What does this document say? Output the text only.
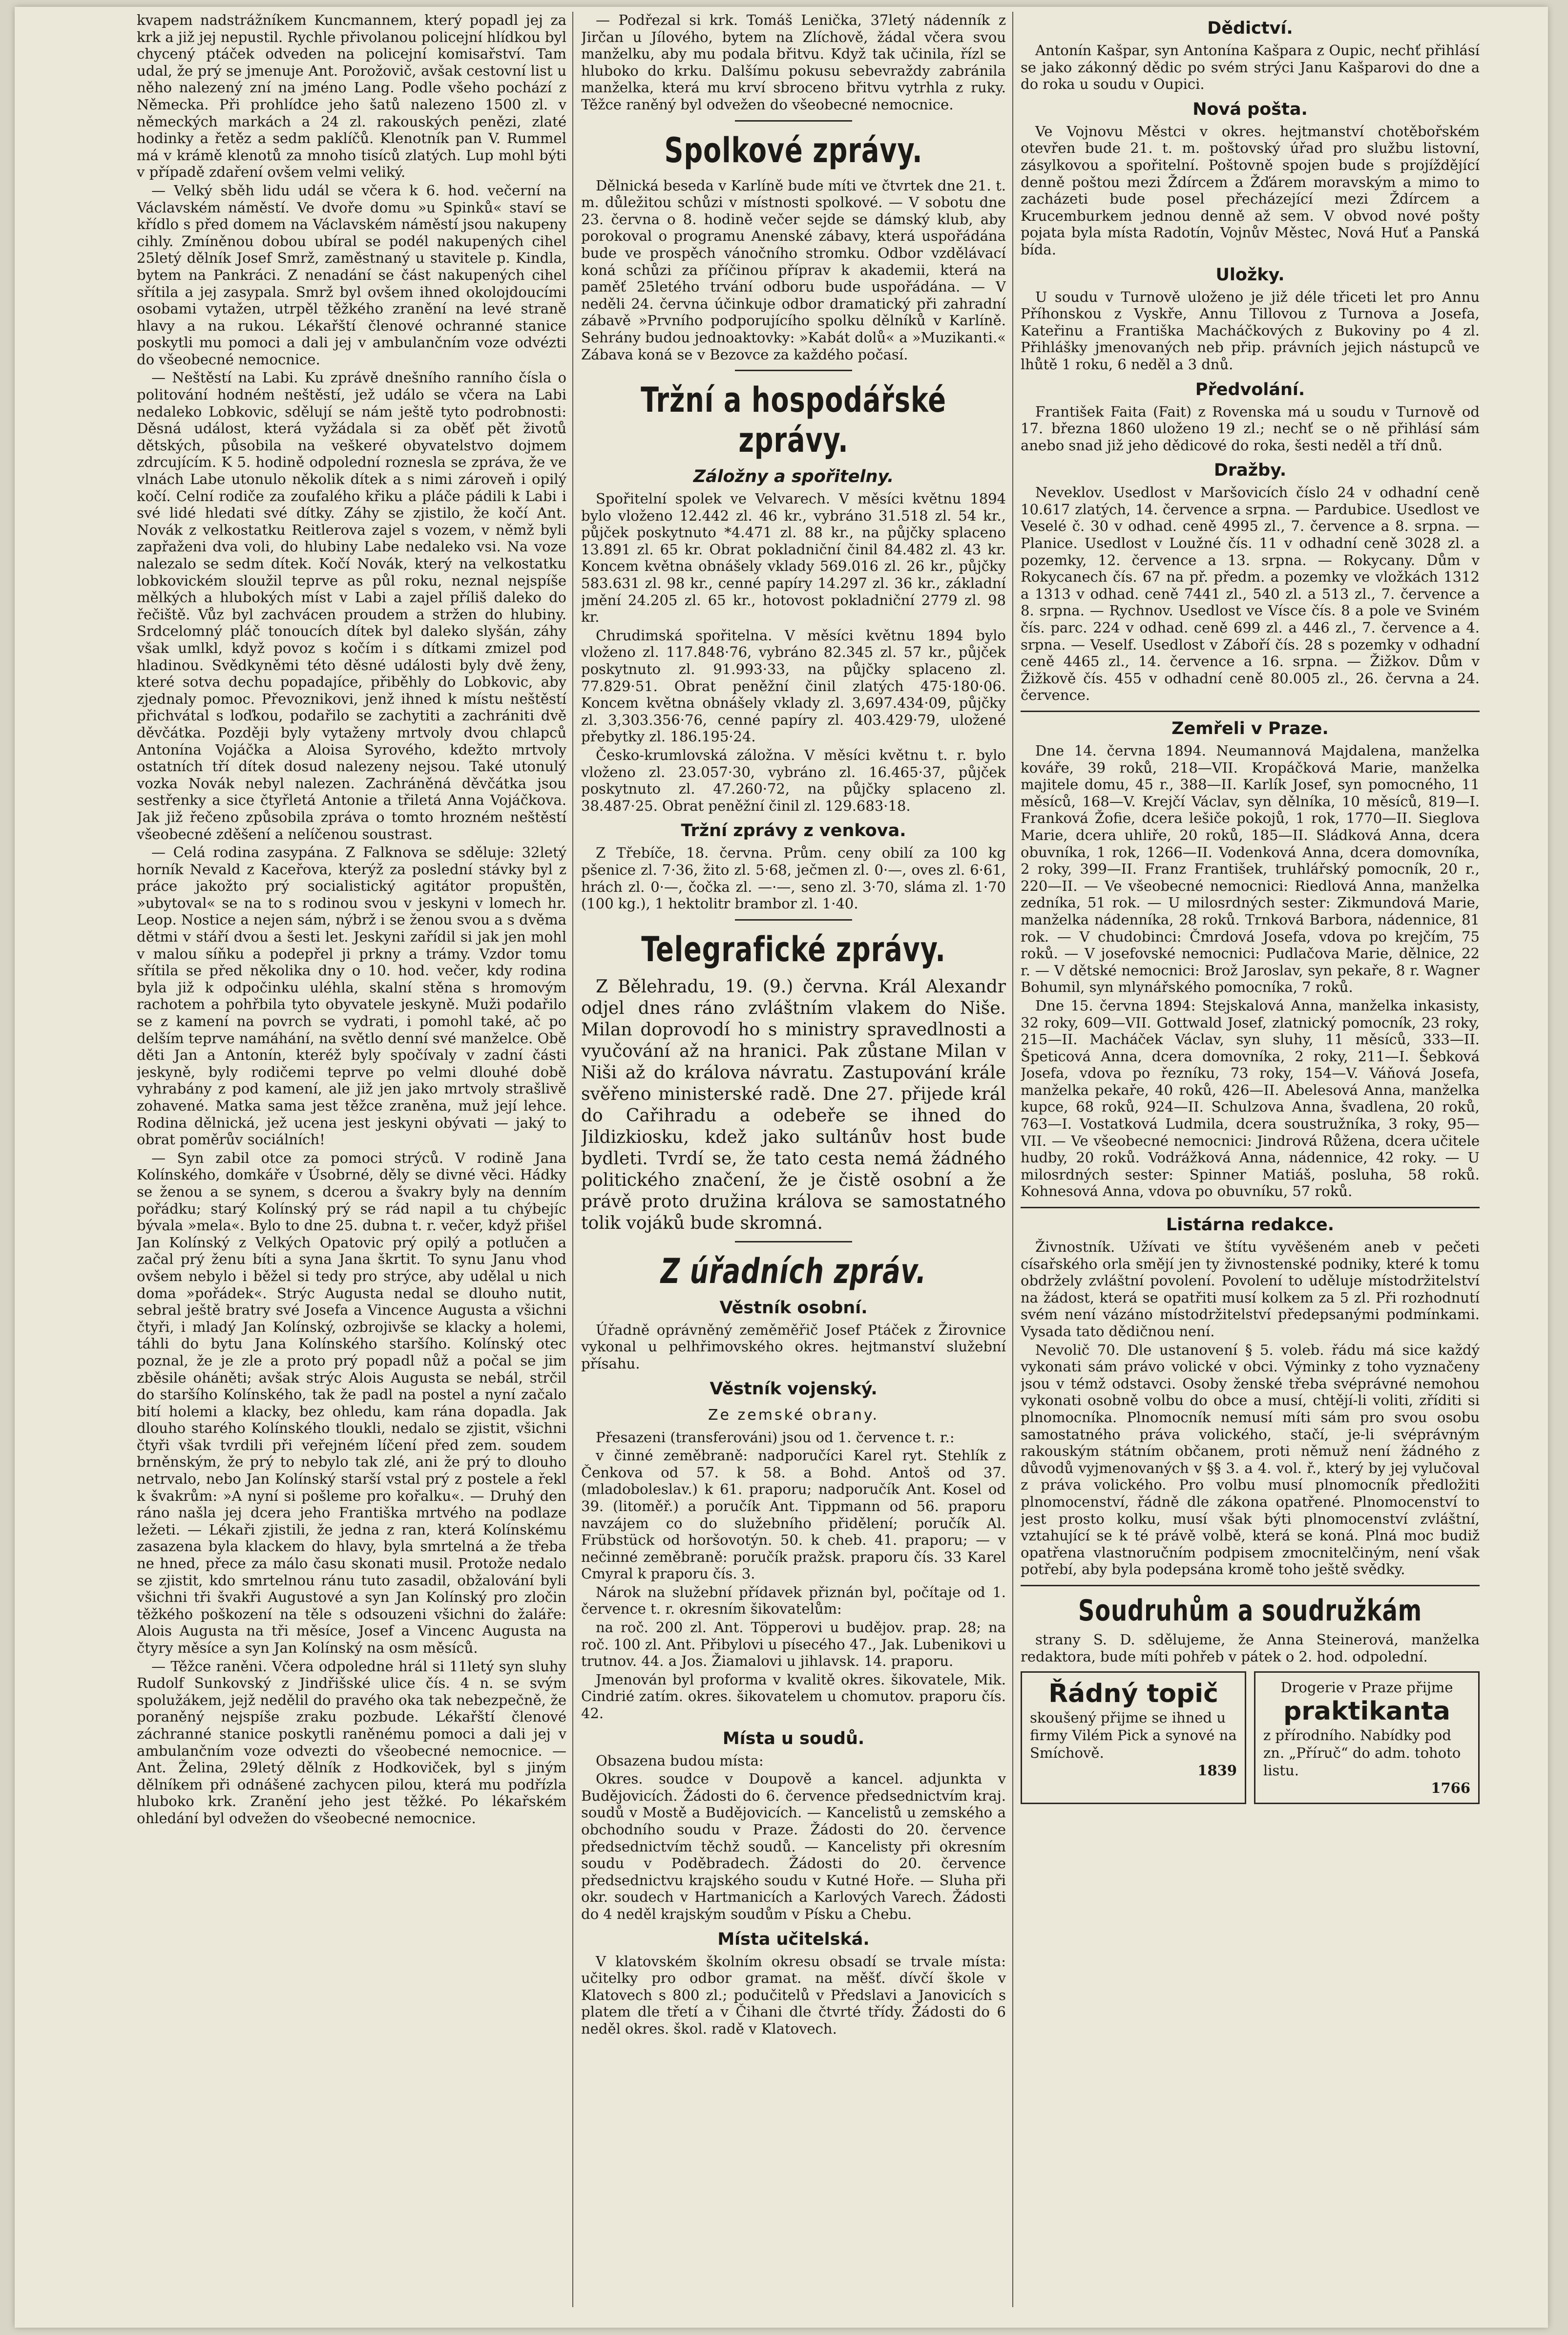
kvapem nadstrážníkem Kuncmannem, který popadl jej za krk a již jej nepustil. Rychle přivolanou policejní hlídkou byl chycený ptáček odveden na policejní komisařství. Tam udal, že prý se jmenuje Ant. Porožovič, avšak cestovní list u něho nalezený zní na jméno Lang. Podle všeho pochází z Německa. Při prohlídce jeho šatů nalezeno 1500 zl. v německých markách a 24 zl. rakouských penězi, zlaté hodinky a řetěz a sedm paklíčů. Klenotník pan V. Rummel má v krámě klenotů za mnoho tisíců zlatých. Lup mohl býti v případě zdaření ovšem velmi veliký.

— Velký sběh lidu udál se včera k 6. hod. večerní na Václavském náměstí. Ve dvoře domu »u Spinků« staví se křídlo s před domem na Václavském náměstí jsou nakupeny cihly. Zmíněnou dobou ubíral se podél nakupených cihel 25letý dělník Josef Smrž, zaměstnaný u stavitele p. Kindla, bytem na Pankráci. Z nenadání se část nakupených cihel sřítila a jej zasypala. Smrž byl ovšem ihned okolojdoucími osobami vytažen, utrpěl těžkého zranění na levé straně hlavy a na rukou. Lékařští členové ochranné stanice poskytli mu pomoci a dali jej v ambulančním voze odvézti do všeobecné nemocnice.

— Neštěstí na Labi. Ku zprávě dnešního ranního čísla o politování hodném neštěstí, jež událo se včera na Labi nedaleko Lobkovic, sdělují se nám ještě tyto podrobnosti: Děsná událost, která vyžádala si za oběť pět životů dětských, působila na veškeré obyvatelstvo dojmem zdrcujícím. K 5. hodině odpolední roznesla se zpráva, že ve vlnách Labe utonulo několik dítek a s nimi zároveň i opilý kočí. Celní rodiče za zoufalého křiku a pláče pádili k Labi i své lidé hledati své dítky. Záhy se zjistilo, že kočí Ant. Novák z velkostatku Reitlerova zajel s vozem, v němž byli zapřaženi dva voli, do hlubiny Labe nedaleko vsi. Na voze nalezalo se sedm dítek. Kočí Novák, který na velkostatku lobkovickém sloužil teprve as půl roku, neznal nejspíše mělkých a hlubokých míst v Labi a zajel příliš daleko do řečiště. Vůz byl zachvácen proudem a stržen do hlubiny. Srdcelomný pláč tonoucích dítek byl daleko slyšán, záhy však umlkl, když povoz s kočím i s dítkami zmizel pod hladinou. Svědkyněmi této děsné události byly dvě ženy, které sotva dechu popadajíce, přiběhly do Lobkovic, aby zjednaly pomoc. Převoznikovi, jenž ihned k místu neštěstí přichvátal s loďkou, podařilo se zachytiti a zachrániti dvě děvčátka. Později byly vytaženy mrtvoly dvou chlapců Antonína Vojáčka a Aloisa Syrového, kdežto mrtvoly ostatních tří dítek dosud nalezeny nejsou. Také utonulý vozka Novák nebyl nalezen. Zachráněná děvčátka jsou sestřenky a sice čtyřletá Antonie a třiletá Anna Vojáčkova. Jak již řečeno způsobila zpráva o tomto hrozném neštěstí všeobecné zděšení a nelíčenou soustrast.

— Celá rodina zasypána. Z Falknova se sděluje: 32letý horník Nevald z Kaceřova, kterýž za poslední stávky byl z práce jakožto prý socialistický agitátor propuštěn, »ubytoval« se na to s rodinou svou v jeskyni v lomech hr. Leop. Nostice a nejen sám, nýbrž i se ženou svou a s dvěma dětmi v stáří dvou a šesti let. Jeskyni zařídil si jak jen mohl v malou síňku a podepřel ji prkny a trámy. Vzdor tomu sřítila se před několika dny o 10. hod. večer, kdy rodina byla již k odpočinku uléhla, skalní stěna s hromovým rachotem a pohřbila tyto obyvatele jeskyně. Muži podařilo se z kamení na povrch se vydrati, i pomohl také, ač po delším teprve namáhání, na světlo denní své manželce. Obě děti Jan a Antonín, kteréž byly spočívaly v zadní části jeskyně, byly rodičemi teprve po velmi dlouhé době vyhrabány z pod kamení, ale již jen jako mrtvoly strašlivě zohavené. Matka sama jest těžce zraněna, muž její lehce. Rodina dělnická, jež ucena jest jeskyni obývati — jaký to obrat poměrův sociálních!

— Syn zabil otce za pomoci strýců. V rodině Jana Kolínského, domkáře v Úsobrné, děly se divné věci. Hádky se ženou a se synem, s dcerou a švakry byly na denním pořádku; starý Kolínský prý se rád napil a tu chýbejíc bývala »mela«. Bylo to dne 25. dubna t. r. večer, když přišel Jan Kolínský z Velkých Opatovic prý opilý a potlučen a začal prý ženu bíti a syna Jana škrtit. To synu Janu vhod ovšem nebylo i běžel si tedy pro strýce, aby udělal u nich doma »pořádek«. Strýc Augusta nedal se dlouho nutit, sebral ještě bratry své Josefa a Vincence Augusta a všichni čtyři, i mladý Jan Kolínský, ozbrojivše se klacky a holemi, táhli do bytu Jana Kolínského staršího. Kolínský otec poznal, že je zle a proto prý popadl nůž a počal se jim zběsile oháněti; avšak strýc Alois Augusta se nebál, strčil do staršího Kolínského, tak že padl na postel a nyní začalo bití holemi a klacky, bez ohledu, kam rána dopadla. Jak dlouho starého Kolínského tloukli, nedalo se zjistit, všichni čtyři však tvrdili při veřejném líčení před zem. soudem brněnským, že prý to nebylo tak zlé, ani že prý to dlouho netrvalo, nebo Jan Kolínský starší vstal prý z postele a řekl k švakrům: »A nyní si pošleme pro kořalku«. — Druhý den ráno našla jej dcera jeho Františka mrtvého na podlaze ležeti. — Lékaři zjistili, že jedna z ran, která Kolínskému zasazena byla klackem do hlavy, byla smrtelná a že třeba ne hned, přece za málo času skonati musil. Protože nedalo se zjistit, kdo smrtelnou ránu tuto zasadil, obžalování byli všichni tři švakři Augustové a syn Jan Kolínský pro zločin těžkého poškození na těle s odsouzeni všichni do žaláře: Alois Augusta na tři měsíce, Josef a Vincenc Augusta na čtyry měsíce a syn Jan Kolínský na osm měsíců.

— Těžce raněni. Včera odpoledne hrál si 11letý syn sluhy Rudolf Sunkovský z Jindřišské ulice čís. 4 n. se svým spolužákem, jejž nedělil do pravého oka tak nebezpečně, že poraněný nejspíše zraku pozbude. Lékařští členové záchranné stanice poskytli raněnému pomoci a dali jej v ambulančním voze odvezti do všeobecné nemocnice. — Ant. Želina, 29letý dělník z Hodkoviček, byl s jiným dělníkem při odnášené zachycen pilou, která mu podřízla hluboko krk. Zranění jeho jest těžké. Po lékařském ohledání byl odvežen do všeobecné nemocnice.

— Podřezal si krk. Tomáš Lenička, 37letý nádenník z Jirčan u Jílového, bytem na Zlíchově, žádal včera svou manželku, aby mu podala břitvu. Když tak učinila, řízl se hluboko do krku. Dalšímu pokusu sebevraždy zabránila manželka, která mu krví sbroceno břitvu vytrhla z ruky. Těžce raněný byl odvežen do všeobecné nemocnice.

Spolkové zprávy.

Dělnická beseda v Karlíně bude míti ve čtvrtek dne 21. t. m. důležitou schůzi v místnosti spolkové. — V sobotu dne 23. června o 8. hodině večer sejde se dámský klub, aby porokoval o programu Anenské zábavy, která uspořádána bude ve prospěch vánočního stromku. Odbor vzdělávací koná schůzi za příčinou příprav k akademii, která na paměť 25letého trvání odboru bude uspořádána. — V neděli 24. června účinkuje odbor dramatický při zahradní zábavě »Prvního podporujícího spolku dělníků v Karlíně. Sehrány budou jednoaktovky: »Kabát dolů« a »Muzikanti.« Zábava koná se v Bezovce za každého počasí.

Tržní a hospodářské zprávy.
Záložny a spořitelny.

Spořitelní spolek ve Velvarech. V měsíci květnu 1894 bylo vloženo 12.442 zl. 46 kr., vybráno 31.518 zl. 54 kr., půjček poskytnuto *4.471 zl. 88 kr., na půjčky splaceno 13.891 zl. 65 kr. Obrat pokladniční činil 84.482 zl. 43 kr. Koncem května obnášely vklady 569.016 zl. 26 kr., půjčky 583.631 zl. 98 kr., cenné papíry 14.297 zl. 36 kr., základní jmění 24.205 zl. 65 kr., hotovost pokladniční 2779 zl. 98 kr.

Chrudimská spořitelna. V měsíci květnu 1894 bylo vloženo zl. 117.848·76, vybráno 82.345 zl. 57 kr., půjček poskytnuto zl. 91.993·33, na půjčky splaceno zl. 77.829·51. Obrat peněžní činil zlatých 475·180·06. Koncem května obnášely vklady zl. 3,697.434·09, půjčky zl. 3,303.356·76, cenné papíry zl. 403.429·79, uložené přebytky zl. 186.195·24.

Česko-krumlovská záložna. V měsíci květnu t. r. bylo vloženo zl. 23.057·30, vybráno zl. 16.465·37, půjček poskytnuto zl. 47.260·72, na půjčky splaceno zl. 38.487·25. Obrat peněžní činil zl. 129.683·18.

Tržní zprávy z venkova.

Z Třebíče, 18. června. Prům. ceny obilí za 100 kg pšenice zl. 7·36, žito zl. 5·68, ječmen zl. 0·—, oves zl. 6·61, hrách zl. 0·—, čočka zl. —·—, seno zl. 3·70, sláma zl. 1·70 (100 kg.), 1 hektolitr brambor zl. 1·40.

Telegrafické zprávy.

Z Bělehradu, 19. (9.) června. Král Alexandr odjel dnes ráno zvláštním vlakem do Niše. Milan doprovodí ho s ministry spravedlnosti a vyučování až na hranici. Pak zůstane Milan v Niši až do králova návratu. Zastupování krále svěřeno ministerské radě. Dne 27. přijede král do Cařihradu a odebeře se ihned do Jildizkiosku, kdež jako sultánův host bude bydleti. Tvrdí se, že tato cesta nemá žádného politického značení, že je čistě osobní a že právě proto družina králova se samostatného tolik vojáků bude skromná.

Z úřadních zpráv.
Věstník osobní.

Úřadně oprávněný zeměměřič Josef Ptáček z Žirovnice vykonal u pelhřimovského okres. hejtmanství služební přísahu.

Věstník vojenský.
Ze zemské obrany.

Přesazeni (transferováni) jsou od 1. července t. r.:

v činné zeměbraně: nadporučíci Karel ryt. Stehlík z Čenkova od 57. k 58. a Bohd. Antoš od 37. (mladoboleslav.) k 61. praporu; nadporučík Ant. Kosel od 39. (litoměř.) a poručík Ant. Tippmann od 56. praporu navzájem co do služebního přidělení; poručík Al. Frübstück od horšovotýn. 50. k cheb. 41. praporu; — v nečinné zeměbraně: poručík pražsk. praporu čís. 33 Karel Cmyral k praporu čís. 3.

Nárok na služební přídavek přiznán byl, počítaje od 1. července t. r. okresním šikovatelům:

na roč. 200 zl. Ant. Töpperovi u budějov. prap. 28; na roč. 100 zl. Ant. Přibylovi u písecého 47., Jak. Lubenikovi u trutnov. 44. a Jos. Žiamalovi u jihlavsk. 14. praporu.

Jmenován byl proforma v kvalitě okres. šikovatele, Mik. Cindrié zatím. okres. šikovatelem u chomutov. praporu čís. 42.

Místa u soudů.

Obsazena budou místa:

Okres. soudce v Doupově a kancel. adjunkta v Budějovicích. Žádosti do 6. července předsednictvím kraj. soudů v Mostě a Budějovicích. — Kancelistů u zemského a obchodního soudu v Praze. Žádosti do 20. července předsednictvím těchž soudů. — Kancelisty při okresním soudu v Poděbradech. Žádosti do 20. července předsednictvu krajského soudu v Kutné Hoře. — Sluha při okr. soudech v Hartmanicích a Karlových Varech. Žádosti do 4 neděl krajským soudům v Písku a Chebu.

Místa učitelská.

V klatovském školním okresu obsadí se trvale místa: učitelky pro odbor gramat. na měšť. dívčí škole v Klatovech s 800 zl.; podučitelů v Předslavi a Janovicích s platem dle třetí a v Čihani dle čtvrté třídy. Žádosti do 6 neděl okres. škol. radě v Klatovech.

Dědictví.

Antonín Kašpar, syn Antonína Kašpara z Oupic, nechť přihlásí se jako zákonný dědic po svém strýci Janu Kašparovi do dne a do roka u soudu v Oupici.

Nová pošta.

Ve Vojnovu Městci v okres. hejtmanství chotěbořském otevřen bude 21. t. m. poštovský úřad pro službu listovní, zásylkovou a spořitelní. Poštovně spojen bude s projíždějící denně poštou mezi Ždírcem a Žďárem moravským a mimo to zacházeti bude posel přecházející mezi Ždírcem a Krucemburkem jednou denně až sem. V obvod nové pošty pojata byla místa Radotín, Vojnův Městec, Nová Huť a Panská bída.

Uložky.

U soudu v Turnově uloženo je již déle třiceti let pro Annu Příhonskou z Vyskře, Annu Tillovou z Turnova a Josefa, Kateřinu a Františka Macháčkových z Bukoviny po 4 zl. Přihlášky jmenovaných neb přip. právních jejich nástupců ve lhůtě 1 roku, 6 neděl a 3 dnů.

Předvolání.

František Faita (Fait) z Rovenska má u soudu v Turnově od 17. března 1860 uloženo 19 zl.; nechť se o ně přihlásí sám anebo snad již jeho dědicové do roka, šesti neděl a tří dnů.

Dražby.

Neveklov. Usedlost v Maršovicích číslo 24 v odhadní ceně 10.617 zlatých, 14. července a srpna. — Pardubice. Usedlost ve Veselé č. 30 v odhad. ceně 4995 zl., 7. července a 8. srpna. — Planice. Usedlost v Loužné čís. 11 v odhadní ceně 3028 zl. a pozemky, 12. července a 13. srpna. — Rokycany. Dům v Rokycanech čís. 67 na př. předm. a pozemky ve vložkách 1312 a 1313 v odhad. ceně 7441 zl., 540 zl. a 513 zl., 7. července a 8. srpna. — Rychnov. Usedlost ve Vísce čís. 8 a pole ve Sviném čís. parc. 224 v odhad. ceně 699 zl. a 446 zl., 7. července a 4. srpna. — Veself. Usedlost v Záboří čís. 28 s pozemky v odhadní ceně 4465 zl., 14. července a 16. srpna. — Žižkov. Dům v Žižkově čís. 455 v odhadní ceně 80.005 zl., 26. června a 24. července.

Zemřeli v Praze.

Dne 14. června 1894. Neumannová Majdalena, manželka kováře, 39 roků, 218—VII. Kropáčková Marie, manželka majitele domu, 45 r., 388—II. Karlík Josef, syn pomocného, 11 měsíců, 168—V. Krejčí Václav, syn dělníka, 10 měsíců, 819—I. Franková Žofie, dcera lešiče pokojů, 1 rok, 1770—II. Sieglova Marie, dcera uhliře, 20 roků, 185—II. Sládková Anna, dcera obuvníka, 1 rok, 1266—II. Vodenková Anna, dcera domovníka, 2 roky, 399—II. Franz František, truhlářský pomocník, 20 r., 220—II. — Ve všeobecné nemocnici: Riedlová Anna, manželka zedníka, 51 rok. — U milosrdných sester: Zikmundová Marie, manželka nádenníka, 28 roků. Trnková Barbora, nádennice, 81 rok. — V chudobinci: Čmrdová Josefa, vdova po krejčím, 75 roků. — V josefovské nemocnici: Pudlačova Marie, dělnice, 22 r. — V dětské nemocnici: Brož Jaroslav, syn pekaře, 8 r. Wagner Bohumil, syn mlynářského pomocníka, 7 roků.

Dne 15. června 1894: Stejskalová Anna, manželka inkasisty, 32 roky, 609—VII. Gottwald Josef, zlatnický pomocník, 23 roky, 215—II. Macháček Václav, syn sluhy, 11 měsíců, 333—II. Špeticová Anna, dcera domovníka, 2 roky, 211—I. Šebková Josefa, vdova po řezníku, 73 roky, 154—V. Váňová Josefa, manželka pekaře, 40 roků, 426—II. Abelesová Anna, manželka kupce, 68 roků, 924—II. Schulzova Anna, švadlena, 20 roků, 763—I. Vostatková Ludmila, dcera soustružníka, 3 roky, 95—VII. — Ve všeobecné nemocnici: Jindrová Růžena, dcera učitele hudby, 20 roků. Vodrážková Anna, nádennice, 42 roky. — U milosrdných sester: Spinner Matiáš, posluha, 58 roků. Kohnesová Anna, vdova po obuvníku, 57 roků.

Listárna redakce.

Živnostník. Užívati ve štítu vyvěšeném aneb v pečeti císařského orla smějí jen ty živnostenské podniky, které k tomu obdržely zvláštní povolení. Povolení to uděluje místodržitelství na žádost, která se opatřiti musí kolkem za 5 zl. Při rozhodnutí svém není vázáno místodržitelství předepsanými podmínkami. Vysada tato dědičnou není.

Nevolič 70. Dle ustanovení § 5. voleb. řádu má sice každý vykonati sám právo volické v obci. Výminky z toho vyznačeny jsou v témž odstavci. Osoby ženské třeba svéprávné nemohou vykonati osobně volbu do obce a musí, chtějí-li voliti, zříditi si plnomocníka. Plnomocník nemusí míti sám pro svou osobu samostatného práva volického, stačí, je-li svéprávným rakouským státním občanem, proti němuž není žádného z důvodů vyjmenovaných v §§ 3. a 4. vol. ř., který by jej vylučoval z práva volického. Pro volbu musí plnomocník předložiti plnomocenství, řádně dle zákona opatřené. Plnomocenství to jest prosto kolku, musí však býti plnomocenství zvláštní, vztahující se k té právě volbě, která se koná. Plná moc budiž opatřena vlastnoručním podpisem zmocnitelčiným, není však potřebí, aby byla podepsána kromě toho ještě svědky.

Soudruhům a soudružkám

strany S. D. sdělujeme, že Anna Steinerová, manželka redaktora, bude míti pohřeb v pátek o 2. hod. odpolední.

Řádný topič
skoušený přijme se ihned u firmy Vilém Pick a synové na Smíchově.
1839
Drogerie v Praze přijme
praktikanta
z přírodního. Nabídky pod zn. „Příruč“ do adm. tohoto listu.
1766
